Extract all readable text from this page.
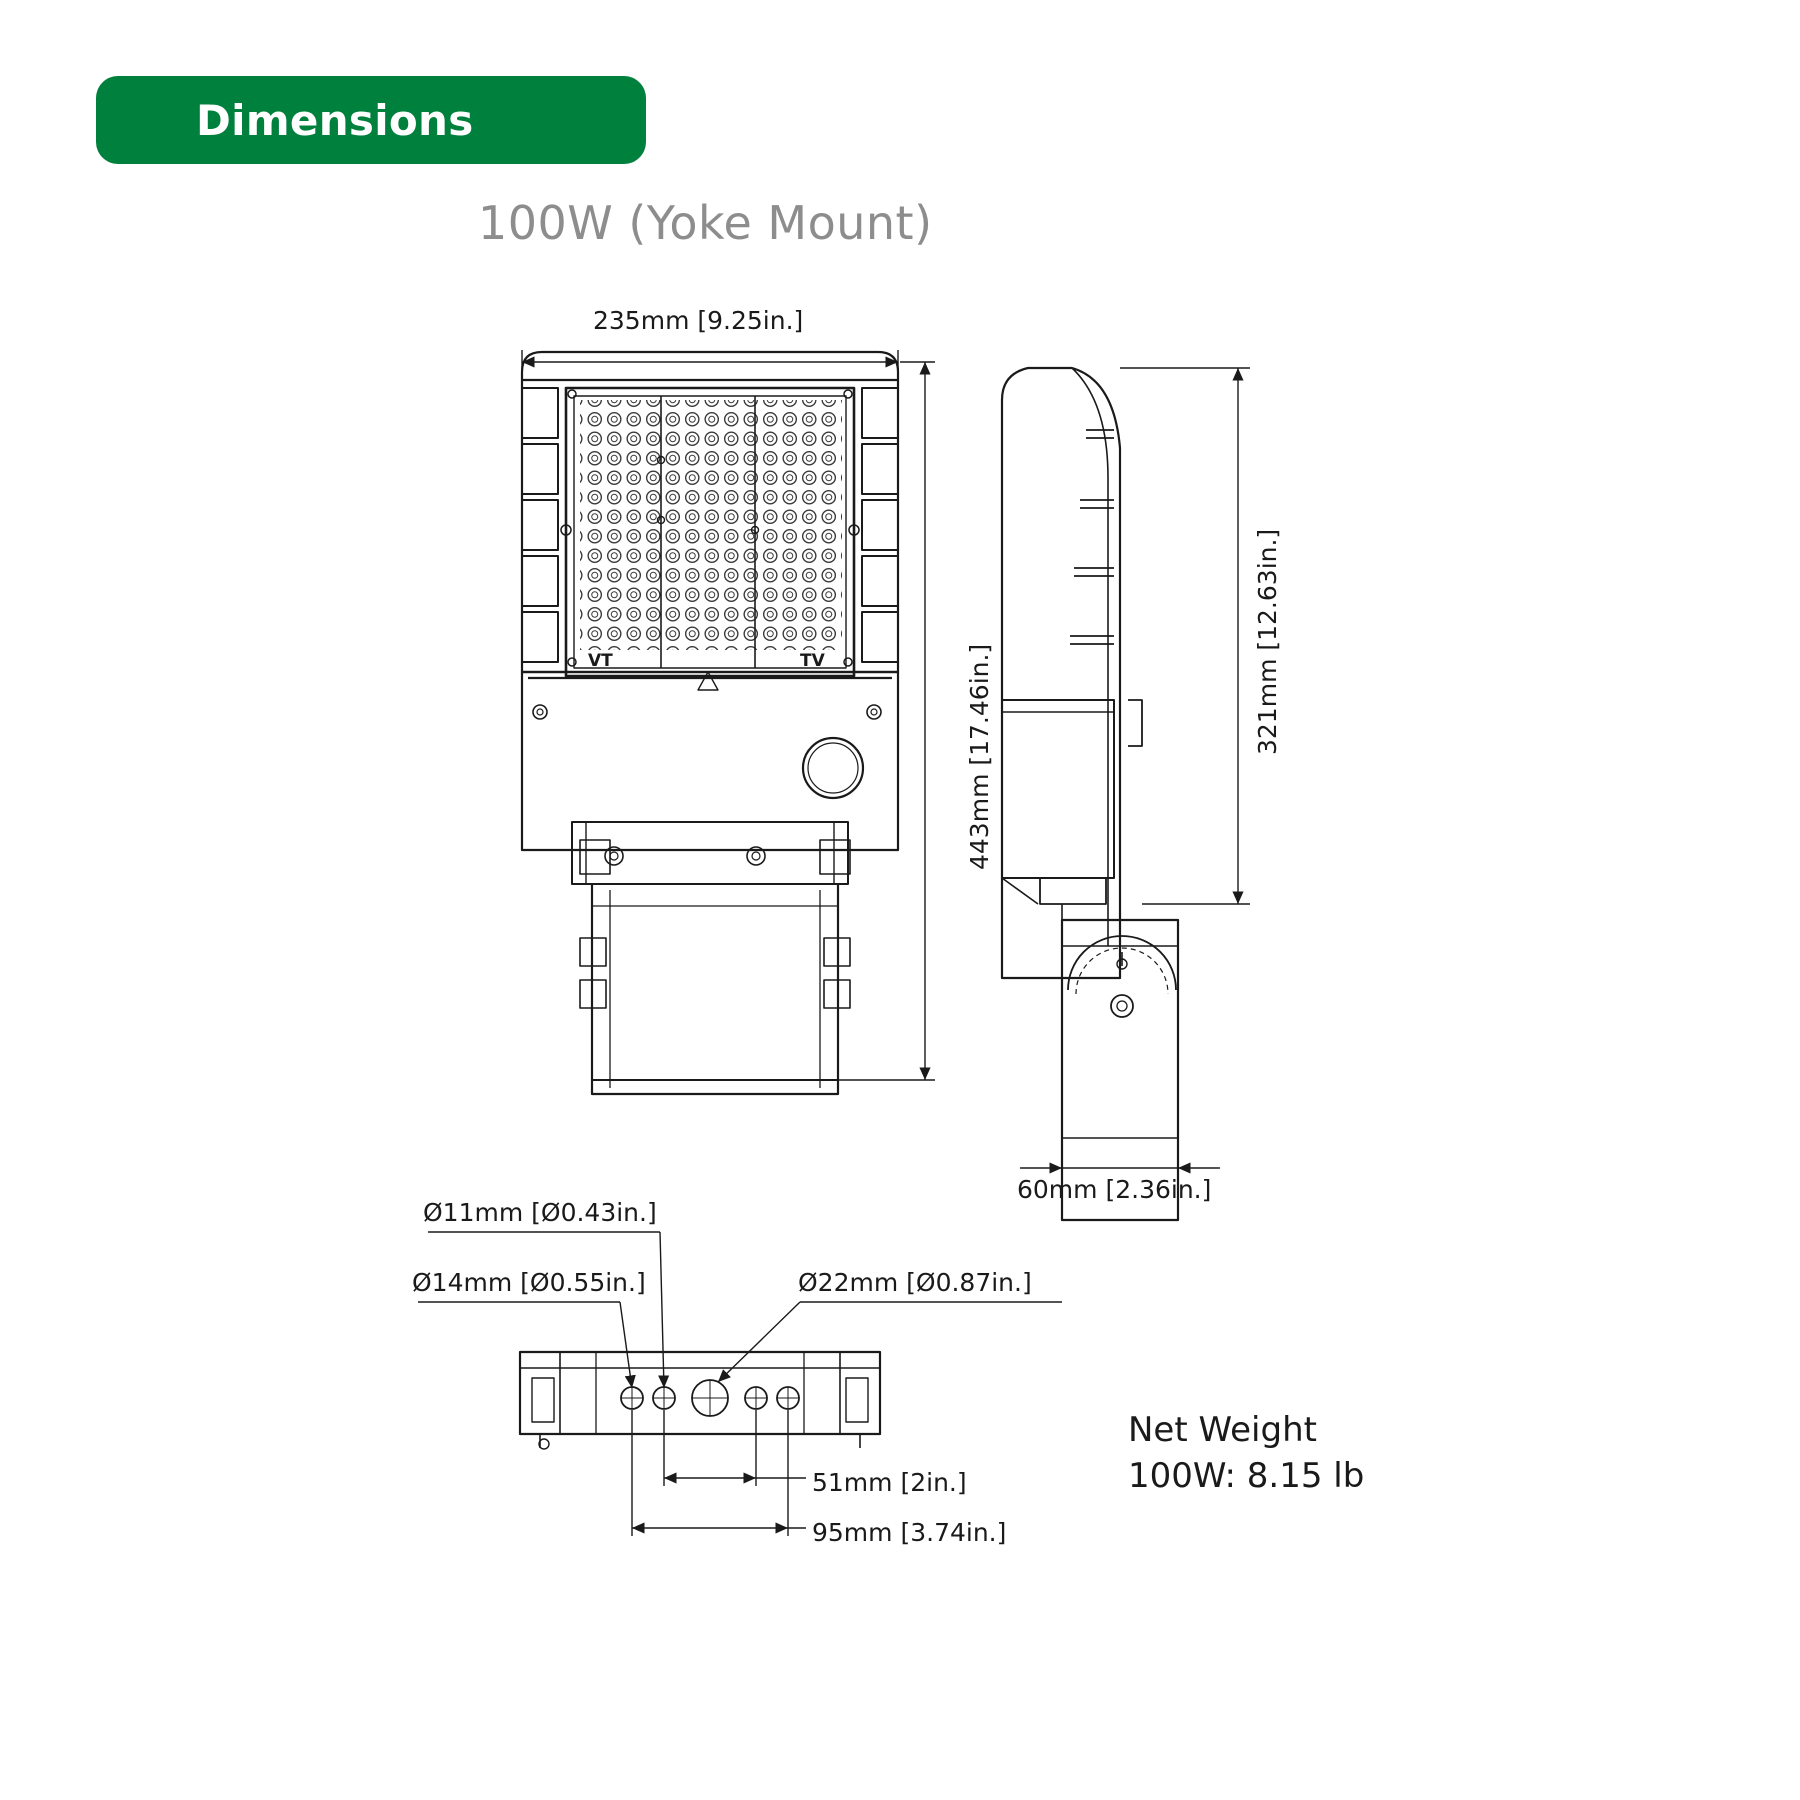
Dimensions
100W (Yoke Mount)
235mm [9.25in.]
443mm [17.46in.]
321mm [12.63in.]
60mm [2.36in.]
Ø11mm [Ø0.43in.]
Ø14mm [Ø0.55in.]	Ø22mm [Ø0.87in.]
51mm [2in.]
95mm [3.74in.]
Net Weight
100W: 8.15 lb
VT	TV
